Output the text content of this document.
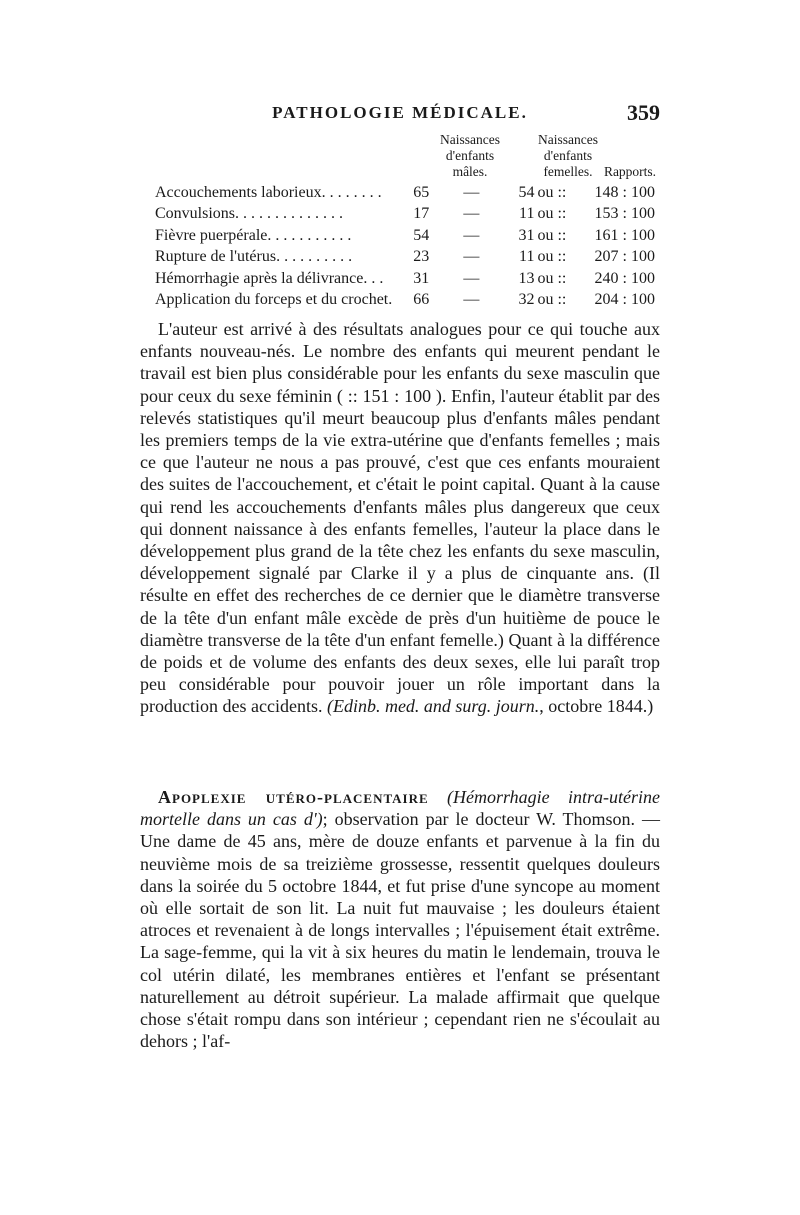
PATHOLOGIE MÉDICALE.	359
Naissances d'enfants mâles.
Naissances d'enfants femelles. Rapports.
Accouchements laborieux. . . . . . . .	65	—	54	ou ::	148 : 100
Convulsions. . . . . . . . . . . . . .	17	—	11	ou ::	153 : 100
Fièvre puerpérale. . . . . . . . . . .	54	—	31	ou ::	161 : 100
Rupture de l'utérus. . . . . . . . . .	23	—	11	ou ::	207 : 100
Hémorrhagie après la délivrance. . .	31	—	13	ou ::	240 : 100
Application du forceps et du crochet.	66	—	32	ou ::	204 : 100

L'auteur est arrivé à des résultats analogues pour ce qui touche aux enfants nouveau-nés. Le nombre des enfants qui meurent pendant le travail est bien plus considérable pour les enfants du sexe masculin que pour ceux du sexe féminin ( :: 151 : 100 ). Enfin, l'auteur établit par des relevés statistiques qu'il meurt beaucoup plus d'enfants mâles pendant les premiers temps de la vie extra-utérine que d'enfants femelles ; mais ce que l'auteur ne nous a pas prouvé, c'est que ces enfants mouraient des suites de l'accouchement, et c'était le point capital. Quant à la cause qui rend les accouchements d'enfants mâles plus dangereux que ceux qui donnent naissance à des enfants femelles, l'auteur la place dans le développement plus grand de la tête chez les enfants du sexe masculin, développement signalé par Clarke il y a plus de cinquante ans. (Il résulte en effet des recherches de ce dernier que le diamètre transverse de la tête d'un enfant mâle excède de près d'un huitième de pouce le diamètre transverse de la tête d'un enfant femelle.) Quant à la différence de poids et de volume des enfants des deux sexes, elle lui paraît trop peu considérable pour pouvoir jouer un rôle important dans la production des accidents. (Edinb. med. and surg. journ., octobre 1844.)

Apoplexie utéro-placentaire (Hémorrhagie intra-utérine mortelle dans un cas d'); observation par le docteur W. Thomson. — Une dame de 45 ans, mère de douze enfants et parvenue à la fin du neuvième mois de sa treizième grossesse, ressentit quelques douleurs dans la soirée du 5 octobre 1844, et fut prise d'une syncope au moment où elle sortait de son lit. La nuit fut mauvaise ; les douleurs étaient atroces et revenaient à de longs intervalles ; l'épuisement était extrême. La sage-femme, qui la vit à six heures du matin le lendemain, trouva le col utérin dilaté, les membranes entières et l'enfant se présentant naturellement au détroit supérieur. La malade affirmait que quelque chose s'était rompu dans son intérieur ; cependant rien ne s'écoulait au dehors ; l'af-
